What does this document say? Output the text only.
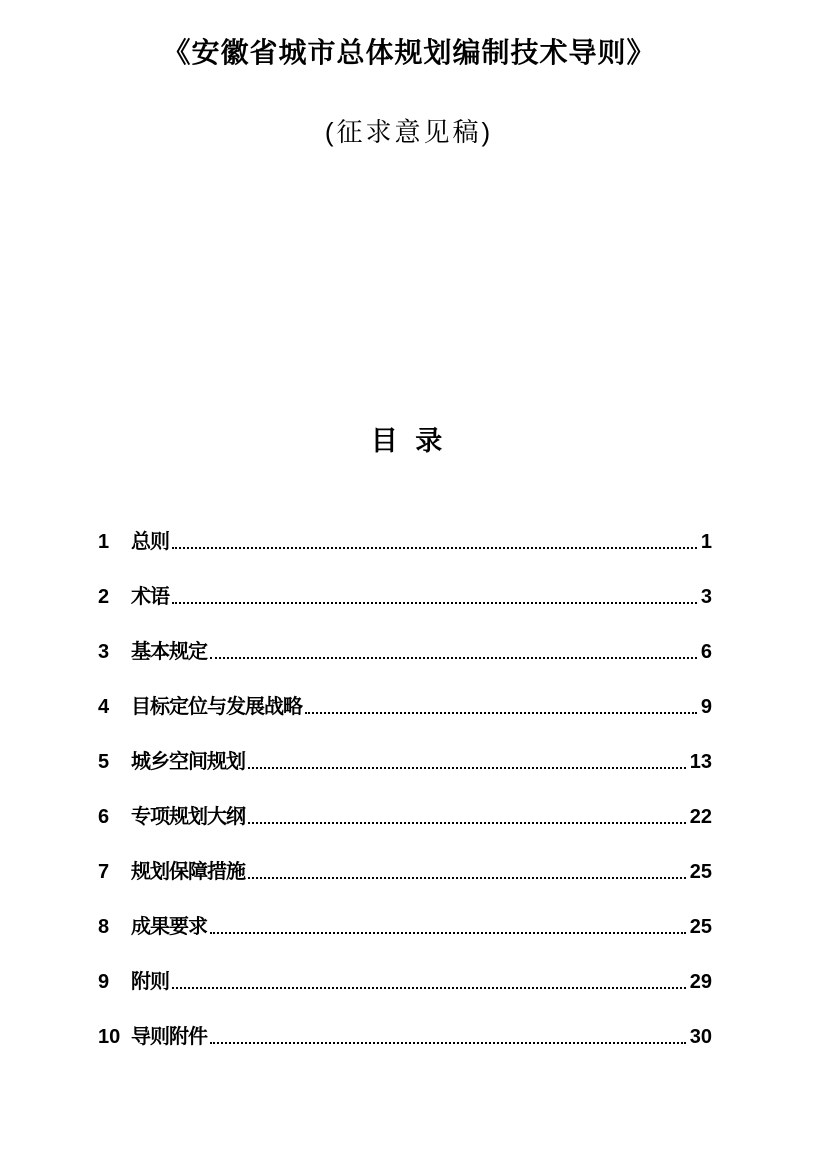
《安徽省城市总体规划编制技术导则》
(征求意见稿)
目 录
1	总则	1
2	术语	3
3	基本规定	6
4	目标定位与发展战略	9
5	城乡空间规划	13
6	专项规划大纲	22
7	规划保障措施	25
8	成果要求	25
9	附则	29
10 导则附件	30
